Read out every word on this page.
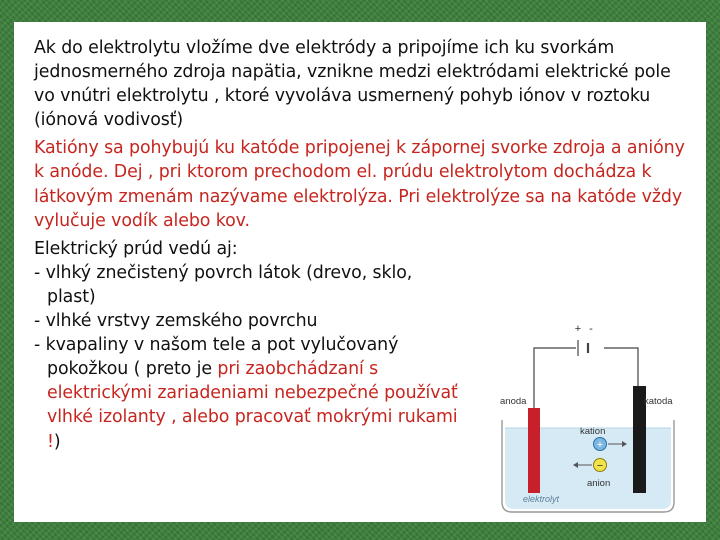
Ak do elektrolytu vložíme dve elektródy a pripojíme ich ku svorkám jednosmerného zdroja napätia, vznikne medzi elektródami elektrické pole vo vnútri elektrolytu , ktoré vyvoláva usmernený pohyb iónov v roztoku (iónová vodivosť)

Katióny sa pohybujú ku katóde pripojenej k zápornej svorke zdroja a anióny k anóde. Dej , pri ktorom prechodom el. prúdu elektrolytom dochádza k látkovým zmenám nazývame elektrolýza. Pri elektrolýze sa na katóde vždy vylučuje vodík alebo kov.

Elektrický prúd vedú aj:

- vlhký znečistený povrch látok (drevo, sklo, plast)
- vlhké vrstvy zemského povrchu
- kvapaliny v našom tele a pot vylučovaný pokožkou ( preto je pri zaobchádzaní s elektrickými zariadeniami nebezpečné používať vlhké izolanty , alebo pracovať mokrými rukami !)
+ -
anoda	katoda
+
kation
−
anion
elektrolyt
